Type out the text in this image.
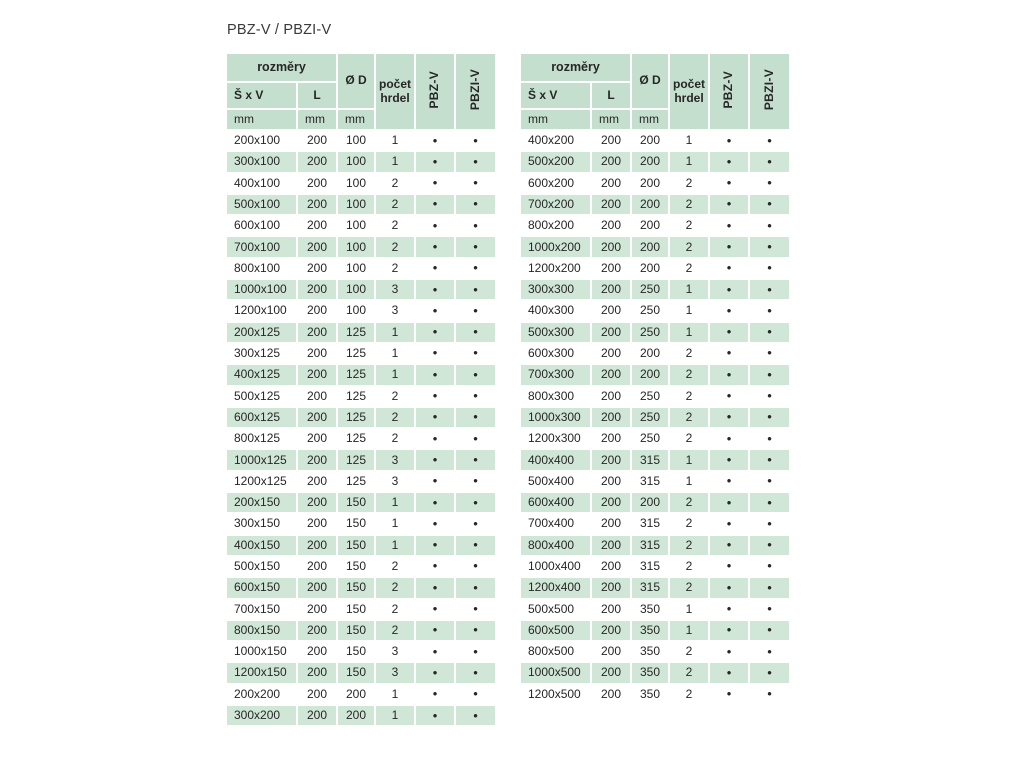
PBZ-V / PBZI-V
rozměry		Ø D	počet hrdel	PBZ-V	PBZI-V
Š x V	L				
mm	mm	mm			
200x100	200	100	1	•	•
300x100	200	100	1	•	•
400x100	200	100	2	•	•
500x100	200	100	2	•	•
600x100	200	100	2	•	•
700x100	200	100	2	•	•
800x100	200	100	2	•	•
1000x100	200	100	3	•	•
1200x100	200	100	3	•	•
200x125	200	125	1	•	•
300x125	200	125	1	•	•
400x125	200	125	1	•	•
500x125	200	125	2	•	•
600x125	200	125	2	•	•
800x125	200	125	2	•	•
1000x125	200	125	3	•	•
1200x125	200	125	3	•	•
200x150	200	150	1	•	•
300x150	200	150	1	•	•
400x150	200	150	1	•	•
500x150	200	150	2	•	•
600x150	200	150	2	•	•
700x150	200	150	2	•	•
800x150	200	150	2	•	•
1000x150	200	150	3	•	•
1200x150	200	150	3	•	•
200x200	200	200	1	•	•
300x200	200	200	1	•	•
rozměry		Ø D	počet hrdel	PBZ-V	PBZI-V
Š x V	L				
mm	mm	mm			
400x200	200	200	1	•	•
500x200	200	200	1	•	•
600x200	200	200	2	•	•
700x200	200	200	2	•	•
800x200	200	200	2	•	•
1000x200	200	200	2	•	•
1200x200	200	200	2	•	•
300x300	200	250	1	•	•
400x300	200	250	1	•	•
500x300	200	250	1	•	•
600x300	200	200	2	•	•
700x300	200	200	2	•	•
800x300	200	250	2	•	•
1000x300	200	250	2	•	•
1200x300	200	250	2	•	•
400x400	200	315	1	•	•
500x400	200	315	1	•	•
600x400	200	200	2	•	•
700x400	200	315	2	•	•
800x400	200	315	2	•	•
1000x400	200	315	2	•	•
1200x400	200	315	2	•	•
500x500	200	350	1	•	•
600x500	200	350	1	•	•
800x500	200	350	2	•	•
1000x500	200	350	2	•	•
1200x500	200	350	2	•	•
